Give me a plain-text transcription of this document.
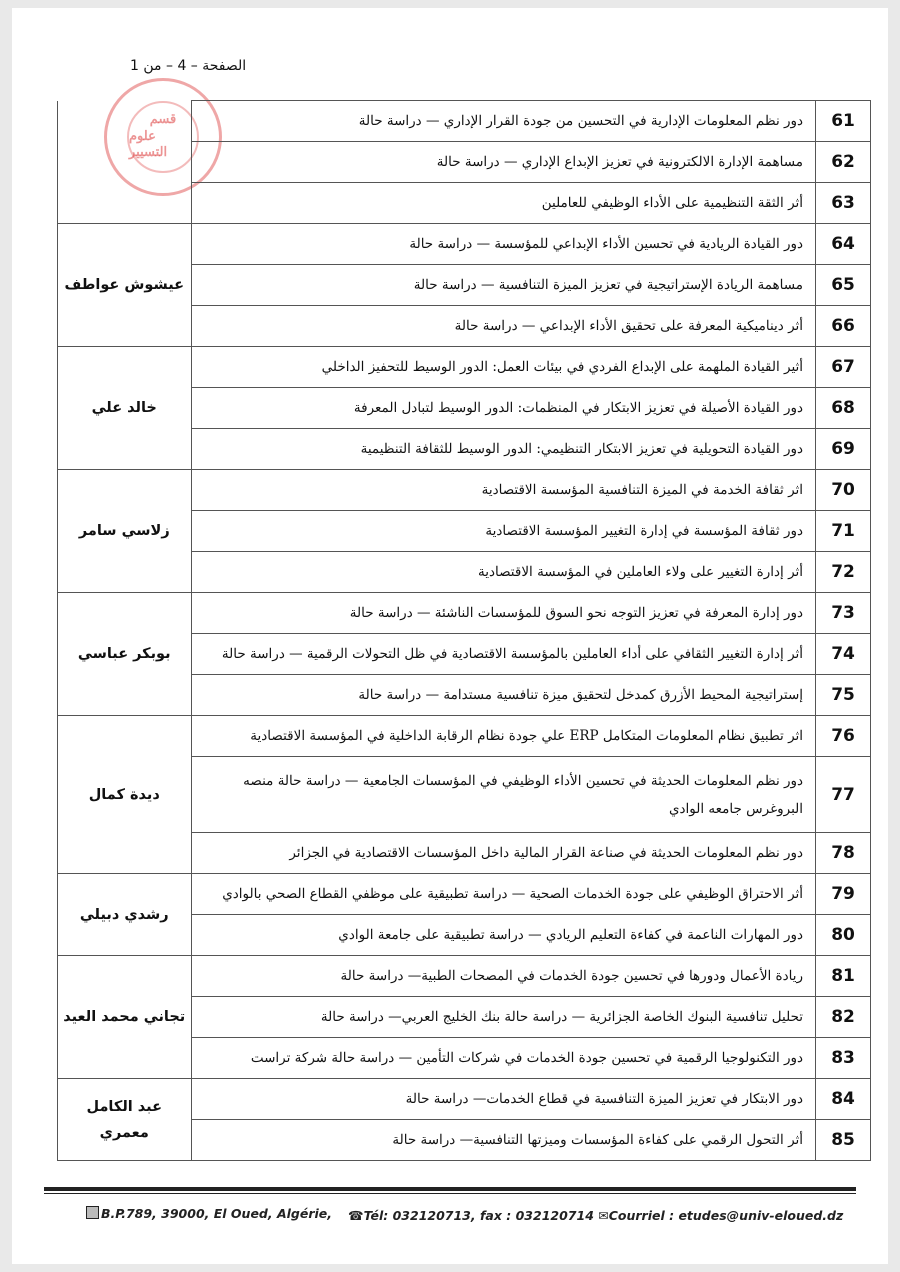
الصفحة – 4 – من 1
قسم
علوم التسيير
61	دور نظم المعلومات الإدارية في التحسين من جودة القرار الإداري — دراسة حالة	
62	مساهمة الإدارة الالكترونية في تعزيز الإبداع الإداري — دراسة حالة	
63	أثر الثقة التنظيمية على الأداء الوظيفي للعاملين	
64	دور القيادة الريادية في تحسين الأداء الإبداعي للمؤسسة — دراسة حالة	عيشوش عواطف
65	مساهمة الريادة الإستراتيجية في تعزيز الميزة التنافسية — دراسة حالة	
66	أثر ديناميكية المعرفة على تحقيق الأداء الإبداعي — دراسة حالة	
67	أثير القيادة الملهمة على الإبداع الفردي في بيئات العمل: الدور الوسيط للتحفيز الداخلي	خالد علي
68	دور القيادة الأصيلة في تعزيز الابتكار في المنظمات: الدور الوسيط لتبادل المعرفة	
69	دور القيادة التحويلية في تعزيز الابتكار التنظيمي: الدور الوسيط للثقافة التنظيمية	
70	اثر ثقافة الخدمة في الميزة التنافسية المؤسسة الاقتصادية	زلاسي سامر
71	دور ثقافة المؤسسة في إدارة التغيير المؤسسة الاقتصادية	
72	أثر إدارة التغيير على ولاء العاملين في المؤسسة الاقتصادية	
73	دور إدارة المعرفة في تعزيز التوجه نحو السوق للمؤسسات الناشئة — دراسة حالة	بوبكر عباسي
74	أثر إدارة التغيير الثقافي على أداء العاملين بالمؤسسة الاقتصادية في ظل التحولات الرقمية — دراسة حالة	
75	إستراتيجية المحيط الأزرق كمدخل لتحقيق ميزة تنافسية مستدامة — دراسة حالة	
76	اثر تطبيق نظام المعلومات المتكامل ERP علي جودة نظام الرقابة الداخلية في المؤسسة الاقتصادية	ديدة كمال
77	دور نظم المعلومات الحديثة في تحسين الأداء الوظيفي في المؤسسات الجامعية — دراسة حالة منصه البروغرس جامعه الوادي	
78	دور نظم المعلومات الحديثة في صناعة القرار المالية داخل المؤسسات الاقتصادية في الجزائر	
79	أثر الاحتراق الوظيفي على جودة الخدمات الصحية — دراسة تطبيقية على موظفي القطاع الصحي بالوادي	رشدي دبيلي
80	دور المهارات الناعمة في كفاءة التعليم الريادي — دراسة تطبيقية على جامعة الوادي	
81	ريادة الأعمال ودورها في تحسين جودة الخدمات في المصحات الطبية— دراسة حالة	تجاني محمد العيد
82	تحليل تنافسية البنوك الخاصة الجزائرية — دراسة حالة بنك الخليج العربي— دراسة حالة	
83	دور التكنولوجيا الرقمية في تحسين جودة الخدمات في شركات التأمين — دراسة حالة شركة تراست	
84	دور الابتكار في تعزيز الميزة التنافسية في قطاع الخدمات— دراسة حالة	عبد الكامل
معمري
85	أثر التحول الرقمي على كفاءة المؤسسات وميزتها التنافسية— دراسة حالة	
B.P.789, 39000, El Oued, Algérie, ☎Tél: 032120713, fax : 032120714 ✉Courriel : etudes@univ-eloued.dz
